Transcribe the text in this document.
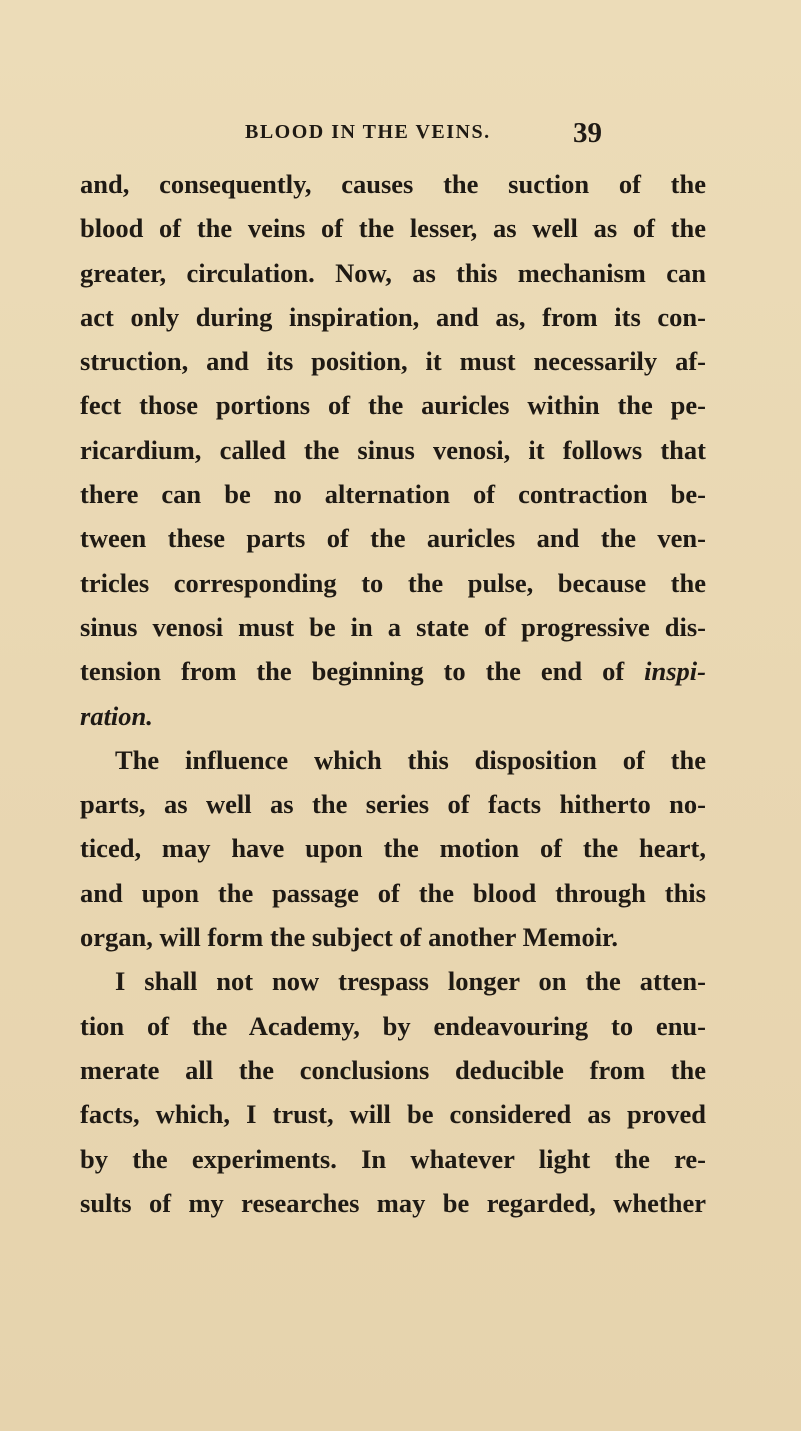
BLOOD IN THE VEINS.	39
and, consequently, causes the suction of the
blood of the veins of the lesser, as well as of the
greater, circulation. Now, as this mechanism can
act only during inspiration, and as, from its con-
struction, and its position, it must necessarily af-
fect those portions of the auricles within the pe-
ricardium, called the sinus venosi, it follows that
there can be no alternation of contraction be-
tween these parts of the auricles and the ven-
tricles corresponding to the pulse, because the
sinus venosi must be in a state of progressive dis-
tension from the beginning to the end of inspi-
ration.
The influence which this disposition of the
parts, as well as the series of facts hitherto no-
ticed, may have upon the motion of the heart,
and upon the passage of the blood through this
organ, will form the subject of another Memoir.
I shall not now trespass longer on the atten-
tion of the Academy, by endeavouring to enu-
merate all the conclusions deducible from the
facts, which, I trust, will be considered as proved
by the experiments. In whatever light the re-
sults of my researches may be regarded, whether
